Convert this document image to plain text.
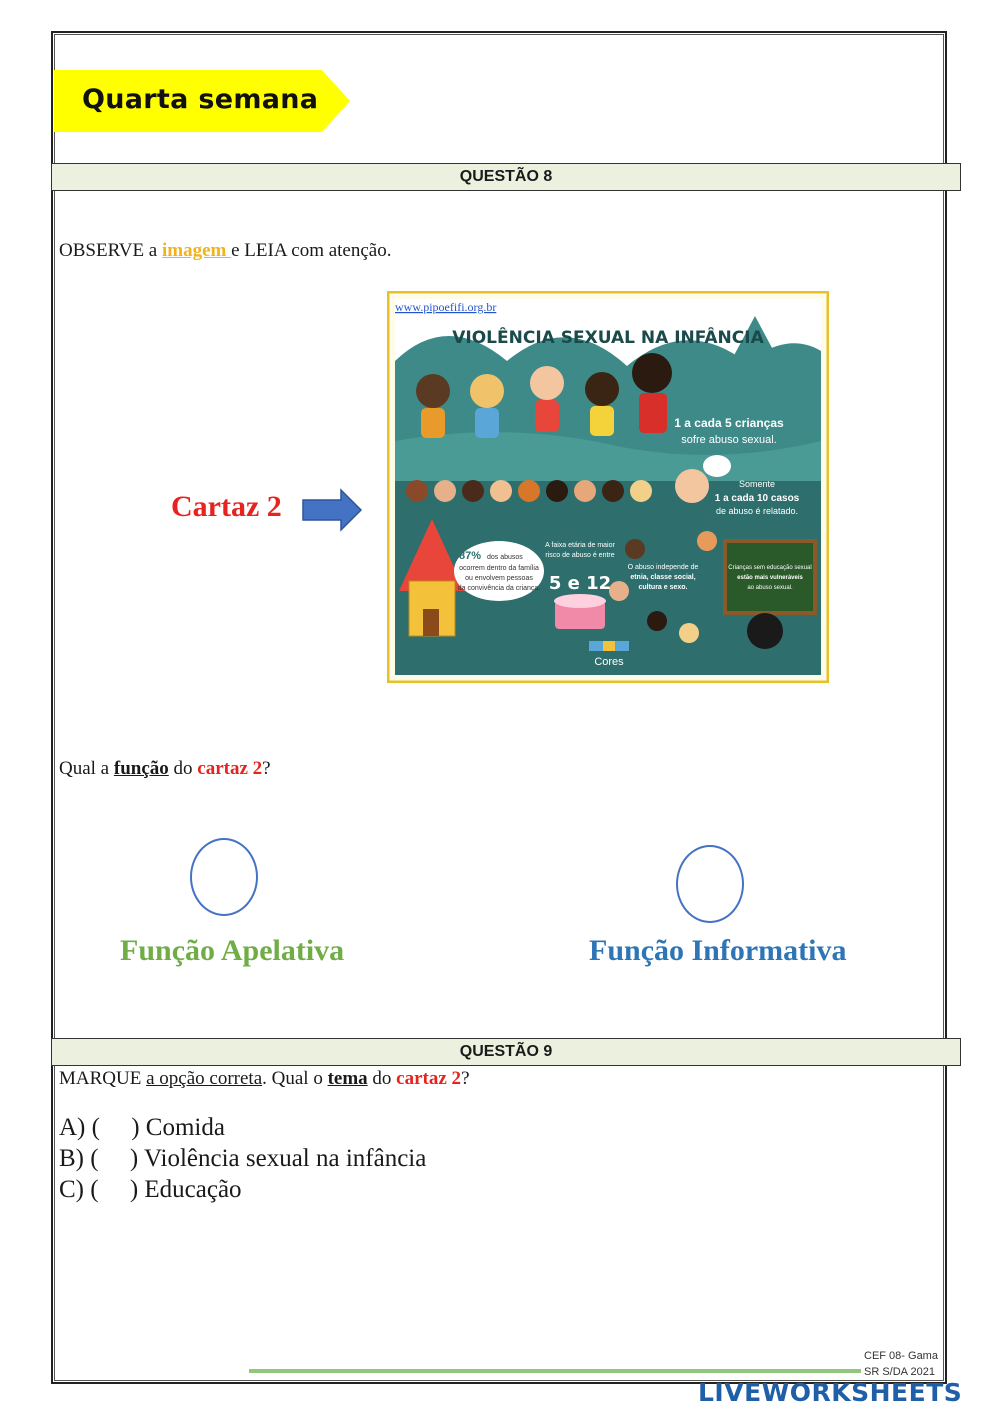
Quarta semana
QUESTÃO 8
OBSERVE a imagem e LEIA com atenção.
Cartaz 2
www.pipoefifi.org.br
VIOLÊNCIA SEXUAL NA INFÂNCIA
1 a cada 5 crianças
sofre abuso sexual.
Somente
1 a cada 10 casos
de abuso é relatado.
87% dos abusos
ocorrem dentro da família
ou envolvem pessoas
da convivência da criança.
A faixa etária de maior
risco de abuso é entre
5 e 12
O abuso independe de
etnia, classe social,
cultura e sexo.
Crianças sem educação sexual
estão mais vulneráveis
ao abuso sexual.
Cores
Qual a função do cartaz 2?
Função Apelativa	Função Informativa
QUESTÃO 9
MARQUE a opção correta. Qual o tema do cartaz 2?
A) (     ) Comida
B) (     ) Violência sexual na infância
C) (     ) Educação
CEF 08- Gama
SR S/DA 2021
LIVEWORKSHEETS
